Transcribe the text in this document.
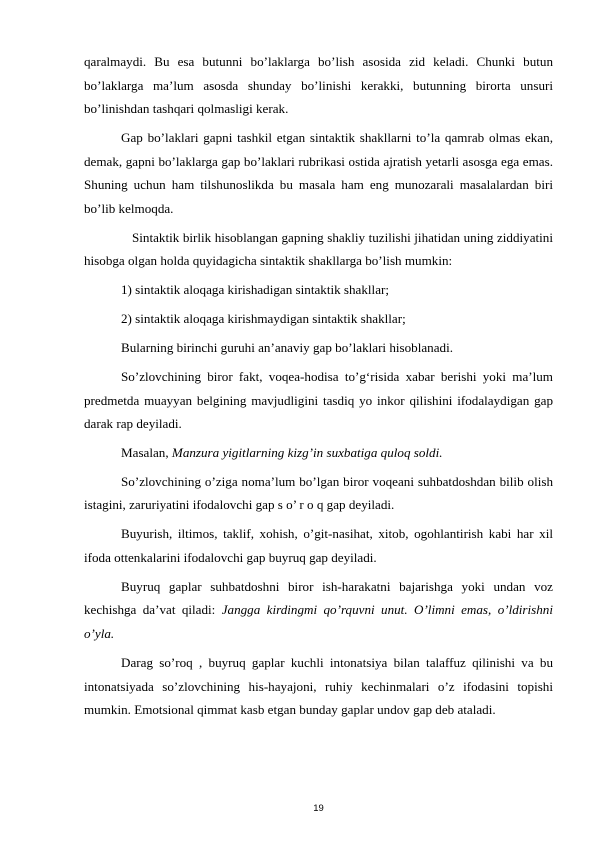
qaralmaydi. Bu esa butunni bo’laklarga bo’lish asosida zid keladi. Chunki butun bo’laklarga ma’lum asosda shunday bo’linishi kerakki, butunning birorta unsuri bo’linishdan tashqari qolmasligi kerak.

Gap bo’laklari gapni tashkil etgan sintaktik shakllarni to’la qamrab olmas ekan, demak, gapni bo’laklarga gap bo’laklari rubrikasi ostida ajratish yetarli asosga ega emas. Shuning uchun ham tilshunoslikda bu masala ham eng munozarali masalalardan biri bo’lib kelmoqda.

Sintaktik birlik hisoblangan gapning shakliy tuzilishi jihatidan uning ziddiyatini hisobga olgan holda quyidagicha sintaktik shakllarga bo’lish mumkin:

1) sintaktik aloqaga kirishadigan sintaktik shakllar;

2) sintaktik aloqaga kirishmaydigan sintaktik shakllar;

Bularning birinchi guruhi an’anaviy gap bo’laklari hisoblanadi.

So’zlovchining biror fakt, voqea-hodisa to’g‘risida xabar berishi yoki ma’lum predmetda muayyan belgining mavjudligini tasdiq yo inkor qilishini ifodalaydigan gap darak rap deyiladi.

Masalan, Manzura yigitlarning kizg’in suxbatiga quloq soldi.

So’zlovchining o’ziga noma’lum bo’lgan biror voqeani suhbatdoshdan bilib olish istagini, zaruriyatini ifodalovchi gap s o’ r o q gap deyiladi.

Buyurish, iltimos, taklif, xohish, o’git-nasihat, xitob, ogohlantirish kabi har xil ifoda ottenkalarini ifodalovchi gap buyruq gap deyiladi.

Buyruq gaplar suhbatdoshni biror ish-harakatni bajarishga yoki undan voz kechishga da’vat qiladi: Jangga kirdingmi qo’rquvni unut. O’limni emas, o’ldirishni o’yla.

Darag so’roq , buyruq gaplar kuchli intonatsiya bilan talaffuz qilinishi va bu intonatsiyada so’zlovchining his-hayajoni, ruhiy kechinmalari o’z ifodasini topishi mumkin. Emotsional qimmat kasb etgan bunday gaplar undov gap deb ataladi.

19
